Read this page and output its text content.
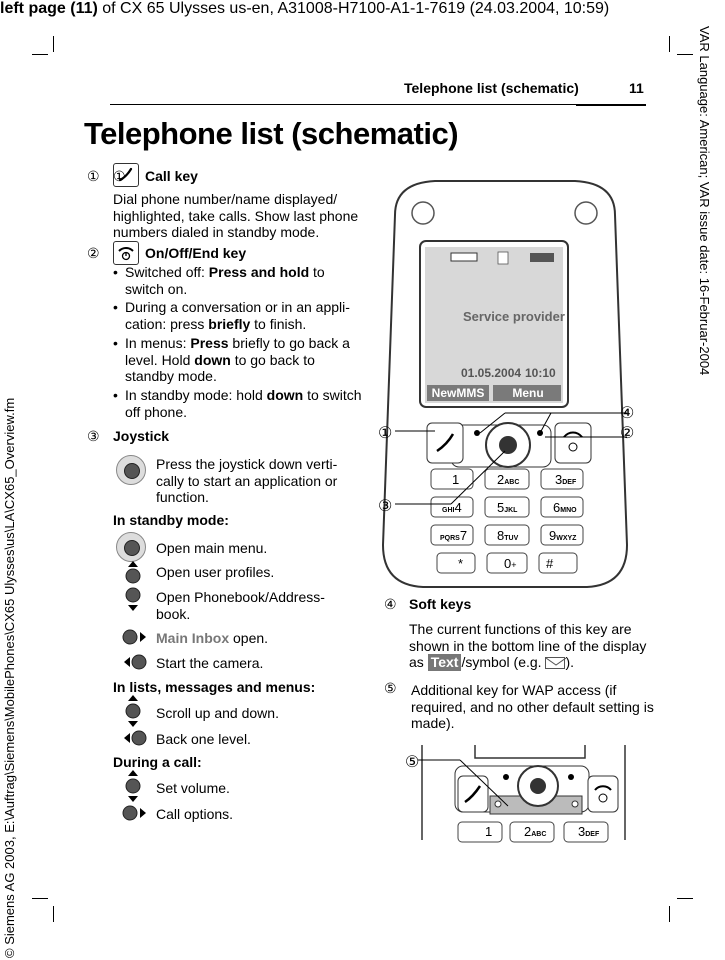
left page (11) of CX 65 Ulysses us-en, A31008-H7100-A1-1-7619 (24.03.2004, 10:59)
VAR Language: American; VAR issue date: 16-Februar-2004
© Siemens AG 2003, E:\Auftrag\Siemens\MobilePhones\CX65 Ulysses\us\LA\CX65_Overview.fm
Telephone list (schematic)	11
Telephone list (schematic)
① Call key
Dial phone number/name displayed/
highlighted, take calls. Show last phone
numbers dialed in standby mode.
On/Off/End key
• Switched off: Press and hold to
switch on.
• During a conversation or in an appli-
cation: press briefly to finish.
• In menus: Press briefly to go back a
level. Hold down to go back to
standby mode.
• In standby mode: hold down to switch
off phone.
①
②
③ Joystick
Press the joystick down verti-
cally to start an application or
function.
In standby mode:
Open main menu.
Open user profiles.
Open Phonebook/Address-
book.
Main Inbox open.
Start the camera.
In lists, messages and menus:
Scroll up and down.
Back one level.
During a call:
Set volume.
Call options.
Service provider
01.05.2004 10:10
NewMMS	Menu
1	2ABC	3DEF
GHI4	5JKL	6MNO
PQRS7 8TUV 9WXYZ
*	0+ #
①	②
③
④
④ Soft keys
The current functions of this key are
shown in the bottom line of the display
as Text /symbol (e.g.
).
⑤ Additional key for WAP access (if
required, and no other default setting is
made).
⑤
1 2ABC 3DEF
